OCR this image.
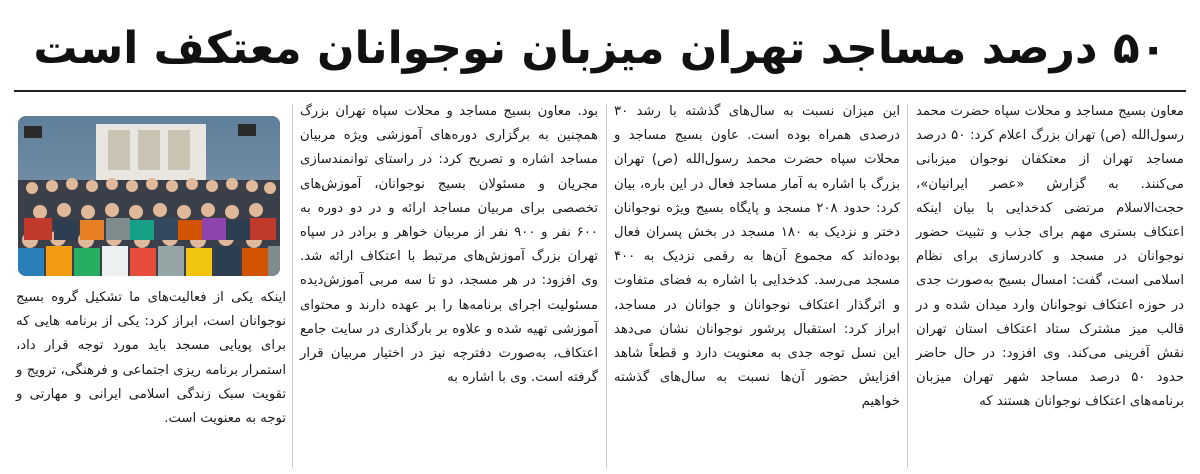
۵۰ درصد مساجد تهران میزبان نوجوانان معتکف است

معاون بسیج مساجد و محلات سپاه حضرت محمد رسول‌الله (ص) تهران بزرگ اعلام کرد: ۵۰ درصد مساجد تهران از معتکفان نوجوان میزبانی می‌کنند. به گزارش «عصر ایرانیان»، حجت‌الاسلام مرتضی کدخدایی با بیان اینکه اعتکاف بستری مهم برای جذب و تثبیت حضور نوجوانان در مسجد و کادرسازی برای نظام اسلامی است، گفت: امسال بسیج به‌صورت جدی در حوزه اعتکاف نوجوانان وارد میدان شده و در قالب میز مشترک ستاد اعتکاف استان تهران نقش آفرینی می‌کند. وی افزود: در حال حاضر حدود ۵۰ درصد مساجد شهر تهران میزبان برنامه‌های اعتکاف نوجوانان هستند که

این میزان نسبت به سال‌های گذشته با رشد ۳۰ درصدی همراه بوده است. عاون بسیج مساجد و محلات سپاه حضرت محمد رسول‌الله (ص) تهران بزرگ با اشاره به آمار مساجد فعال در این باره، بیان کرد: حدود ۲۰۸ مسجد و پایگاه بسیج ویژه نوجوانان دختر و نزدیک به ۱۸۰ مسجد در بخش پسران فعال بوده‌اند که مجموع آن‌ها به رقمی نزدیک به ۴۰۰ مسجد می‌رسد. کدخدایی با اشاره به فضای متفاوت و اثرگذار اعتکاف نوجوانان و جوانان در مساجد، ابراز کرد: استقبال پرشور نوجوانان نشان می‌دهد این نسل توجه جدی به معنویت دارد و قطعاً شاهد افزایش حضور آن‌ها نسبت به سال‌های گذشته خواهیم

بود. معاون بسیج مساجد و محلات سپاه تهران بزرگ همچنین به برگزاری دوره‌های آموزشی ویژه مربیان مساجد اشاره و تصریح کرد: در راستای توانمندسازی مجریان و مسئولان بسیج نوجوانان، آموزش‌های تخصصی برای مربیان مساجد ارائه و در دو دوره به ۶۰۰ نفر و ۹۰۰ نفر از مربیان خواهر و برادر در سپاه تهران بزرگ آموزش‌های مرتبط با اعتکاف ارائه شد. وی افزود: در هر مسجد، دو تا سه مربی آموزش‌دیده مسئولیت اجرای برنامه‌ها را بر عهده دارند و محتوای آموزشی تهیه شده و علاوه بر بارگذاری در سایت جامع اعتکاف، به‌صورت دفترچه نیز در اختیار مربیان قرار گرفته است. وی با اشاره به

اینکه یکی از فعالیت‌های ما تشکیل گروه بسیج نوجوانان است، ابراز کرد: یکی از برنامه هایی که برای پویایی مسجد باید مورد توجه قرار داد، استمرار برنامه ریزی اجتماعی و فرهنگی، ترویج و تقویت سبک زندگی اسلامی ایرانی و مهارتی و توجه به معنویت است.
